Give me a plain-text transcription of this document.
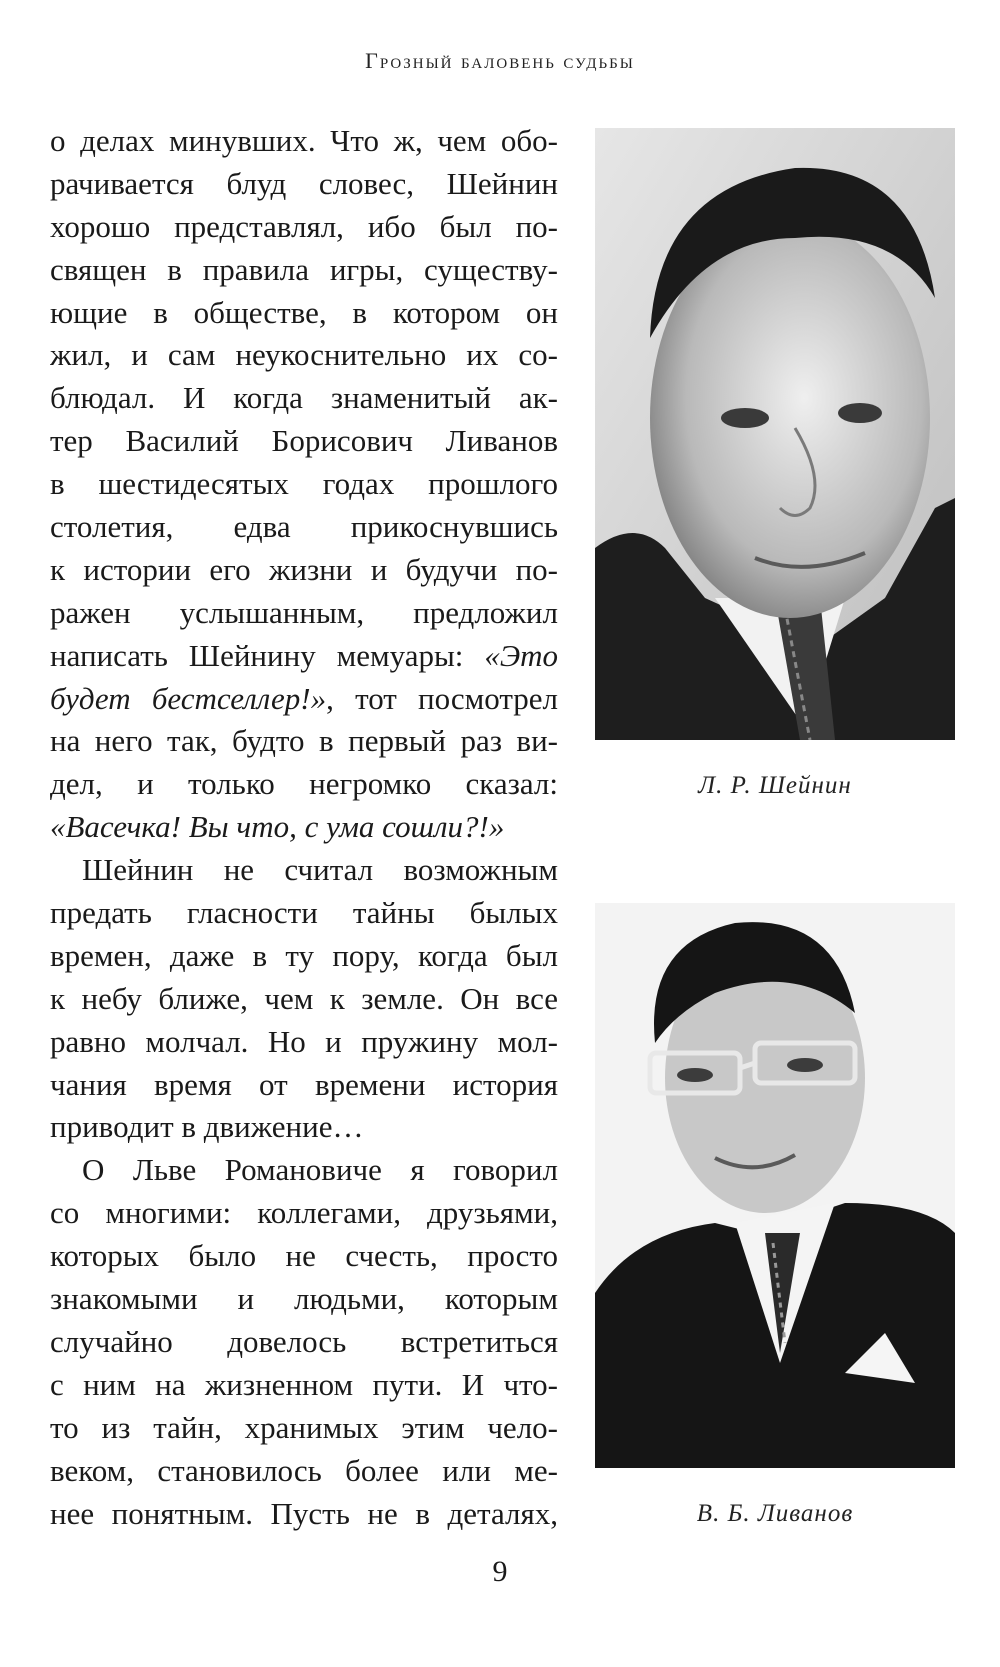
Грозный баловень судьбы
о делах минувших. Что ж, чем обо-
рачивается блуд словес, Шейнин
хорошо представлял, ибо был по-
священ в правила игры, существу-
ющие в обществе, в котором он
жил, и сам неукоснительно их со-
блюдал. И когда знаменитый ак-
тер Василий Борисович Ливанов
в шестидесятых годах прошлого
столетия, едва прикоснувшись
к истории его жизни и будучи по-
ражен услышанным, предложил
написать Шейнину мемуары: «Это
будет бестселлер!», тот посмотрел
на него так, будто в первый раз ви-
дел, и только негромко сказал:
«Васечка! Вы что, с ума сошли?!»
Шейнин не считал возможным
предать гласности тайны былых
времен, даже в ту пору, когда был
к небу ближе, чем к земле. Он все
равно молчал. Но и пружину мол-
чания время от времени история
приводит в движение…
О Льве Романовиче я говорил
со многими: коллегами, друзьями,
которых было не счесть, просто
знакомыми и людьми, которым
случайно довелось встретиться
с ним на жизненном пути. И что-
то из тайн, хранимых этим чело-
веком, становилось более или ме-
нее понятным. Пусть не в деталях,
Л. Р. Шейнин
В. Б. Ливанов
9
